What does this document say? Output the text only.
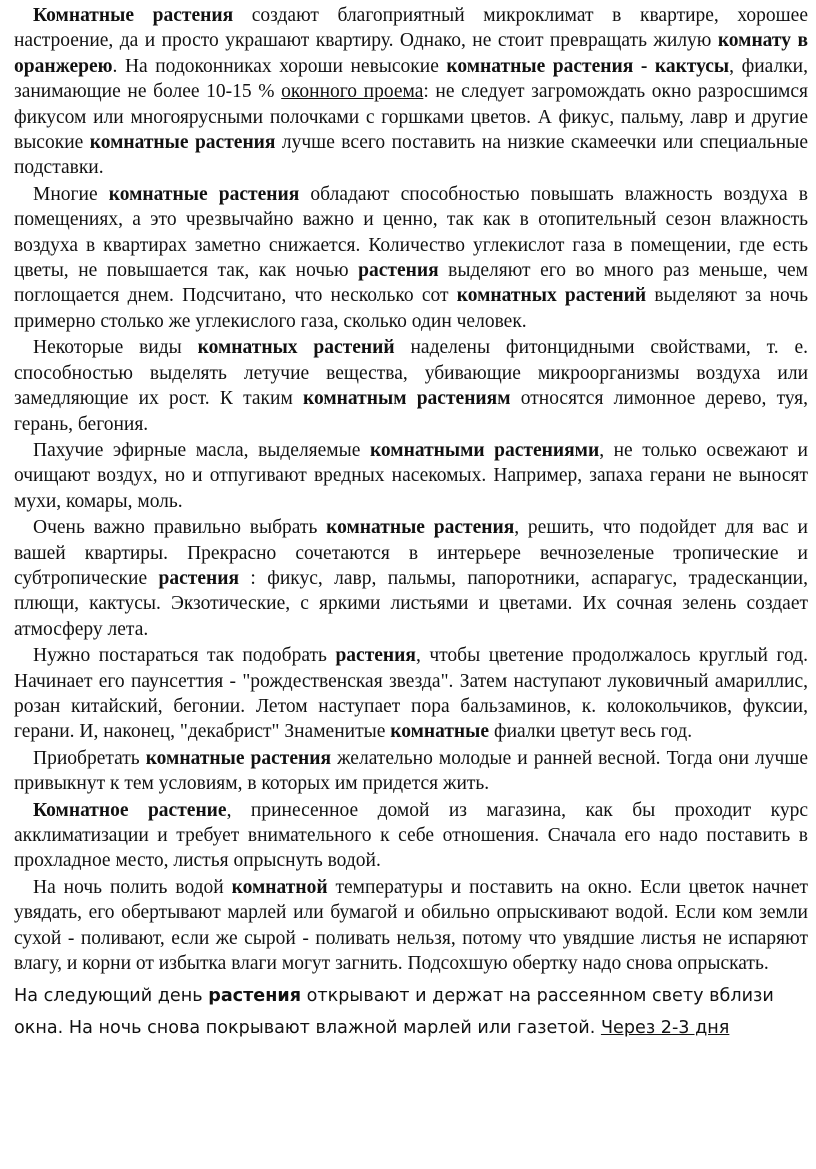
Комнатные растения создают благоприятный микроклимат в квартире, хорошее настроение, да и просто украшают квартиру. Однако, не стоит превращать жилую комнату в оранжерею. На подоконниках хороши невысокие комнатные растения - кактусы, фиалки, занимающие не более 10-15 % оконного проема: не следует загромождать окно разросшимся фикусом или многоярусными полочками с горшками цветов. А фикус, пальму, лавр и другие высокие комнатные растения лучше всего поставить на низкие скамеечки или специальные подставки.

Многие комнатные растения обладают способностью повышать влажность воздуха в помещениях, а это чрезвычайно важно и ценно, так как в отопительный сезон влажность воздуха в квартирах заметно снижается. Количество углекислот газа в помещении, где есть цветы, не повышается так, как ночью растения выделяют его во много раз меньше, чем поглощается днем. Подсчитано, что несколько сот комнатных растений выделяют за ночь примерно столько же углекислого газа, сколько один человек.

Некоторые виды комнатных растений наделены фитонцидными свойствами, т. е. способностью выделять летучие вещества, убивающие микроорганизмы воздуха или замедляющие их рост. К таким комнатным растениям относятся лимонное дерево, туя, герань, бегония.

Пахучие эфирные масла, выделяемые комнатными растениями, не только освежают и очищают воздух, но и отпугивают вредных насекомых. Например, запаха герани не выносят мухи, комары, моль.

Очень важно правильно выбрать комнатные растения, решить, что подойдет для вас и вашей квартиры. Прекрасно сочетаются в интерьере вечнозеленые тропические и субтропические растения : фикус, лавр, пальмы, папоротники, аспарагус, традесканции, плющи, кактусы. Экзотические, с яркими листьями и цветами. Их сочная зелень создает атмосферу лета.

Нужно постараться так подобрать растения, чтобы цветение продолжалось круглый год. Начинает его паунсеттия - "рождественская звезда". Затем наступают луковичный амариллис, розан китайский, бегонии. Летом наступает пора бальзаминов, к. колокольчиков, фуксии, герани. И, наконец, "декабрист" Знаменитые комнатные фиалки цветут весь год.

Приобретать комнатные растения желательно молодые и ранней весной. Тогда они лучше привыкнут к тем условиям, в которых им придется жить.

Комнатное растение, принесенное домой из магазина, как бы проходит курс акклиматизации и требует внимательного к себе отношения. Сначала его надо поставить в прохладное место, листья опрыснуть водой.

На ночь полить водой комнатной температуры и поставить на окно. Если цветок начнет увядать, его обертывают марлей или бумагой и обильно опрыскивают водой. Если ком земли сухой - поливают, если же сырой - поливать нельзя, потому что увядшие листья не испаряют влагу, и корни от избытка влаги могут загнить. Подсохшую обертку надо снова опрыскать.

На следующий день растения открывают и держат на рассеянном свету вблизи окна. На ночь снова покрывают влажной марлей или газетой. Через 2-3 дня
